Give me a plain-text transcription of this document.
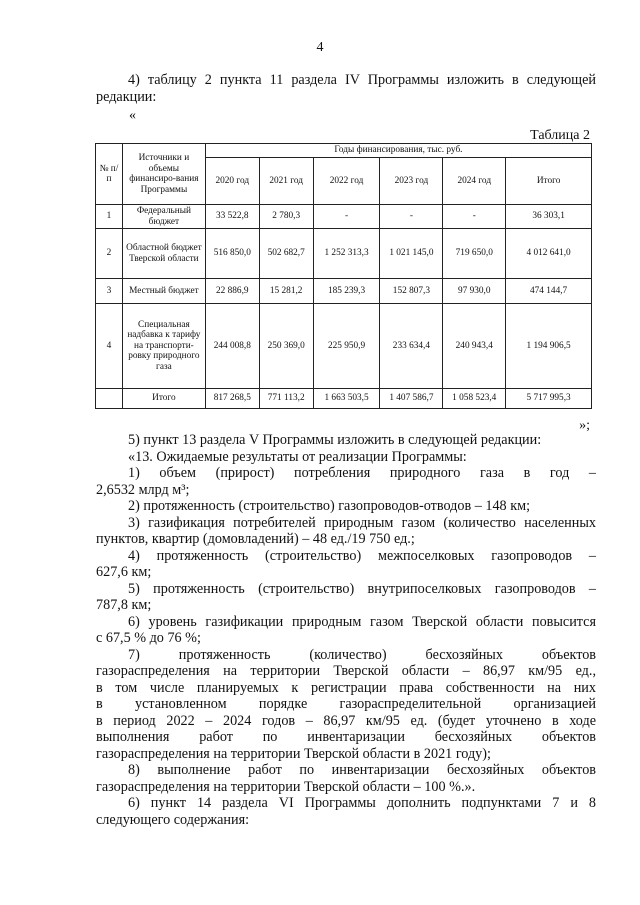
4
4) таблицу 2 пункта 11 раздела IV Программы изложить в следующей
редакции:
«
Таблица 2
№ п/п	Источники и объемы финансиро-вания Программы	Годы финансирования, тыс. руб.					
		2020 год	2021 год	2022 год	2023 год	2024 год	Итого
1	Федеральный бюджет	33 522,8	2 780,3	-	-	-	36 303,1
2	Областной бюджет Тверской области	516 850,0	502 682,7	1 252 313,3	1 021 145,0	719 650,0	4 012 641,0
3	Местный бюджет	22 886,9	15 281,2	185 239,3	152 807,3	97 930,0	474 144,7
4	Специальная надбавка к тарифу на транспорти-ровку природного газа	244 008,8	250 369,0	225 950,9	233 634,4	240 943,4	1 194 906,5
	Итого	817 268,5	771 113,2	1 663 503,5	1 407 586,7	1 058 523,4	5 717 995,3
»;

5) пункт 13 раздела V Программы изложить в следующей редакции:

«13. Ожидаемые результаты от реализации Программы:

1) объем (прирост) потребления природного газа в год –

2,6532 млрд м³;

2) протяженность (строительство) газопроводов-отводов – 148 км;

3) газификация потребителей природным газом (количество населенных

пунктов, квартир (домовладений) – 48 ед./19 750 ед.;

4) протяженность (строительство) межпоселковых газопроводов –

627,6 км;

5) протяженность (строительство) внутрипоселковых газопроводов –

787,8 км;

6) уровень газификации природным газом Тверской области повысится

с 67,5 % до 76 %;

7) протяженность (количество) бесхозяйных объектов

газораспределения на территории Тверской области – 86,97 км/95 ед.,

в том числе планируемых к регистрации права собственности на них

в установленном порядке газораспределительной организацией

в период 2022 – 2024 годов – 86,97 км/95 ед. (будет уточнено в ходе

выполнения работ по инвентаризации бесхозяйных объектов

газораспределения на территории Тверской области в 2021 году);

8) выполнение работ по инвентаризации бесхозяйных объектов

газораспределения на территории Тверской области – 100 %.».

6) пункт 14 раздела VI Программы дополнить подпунктами 7 и 8

следующего содержания:
